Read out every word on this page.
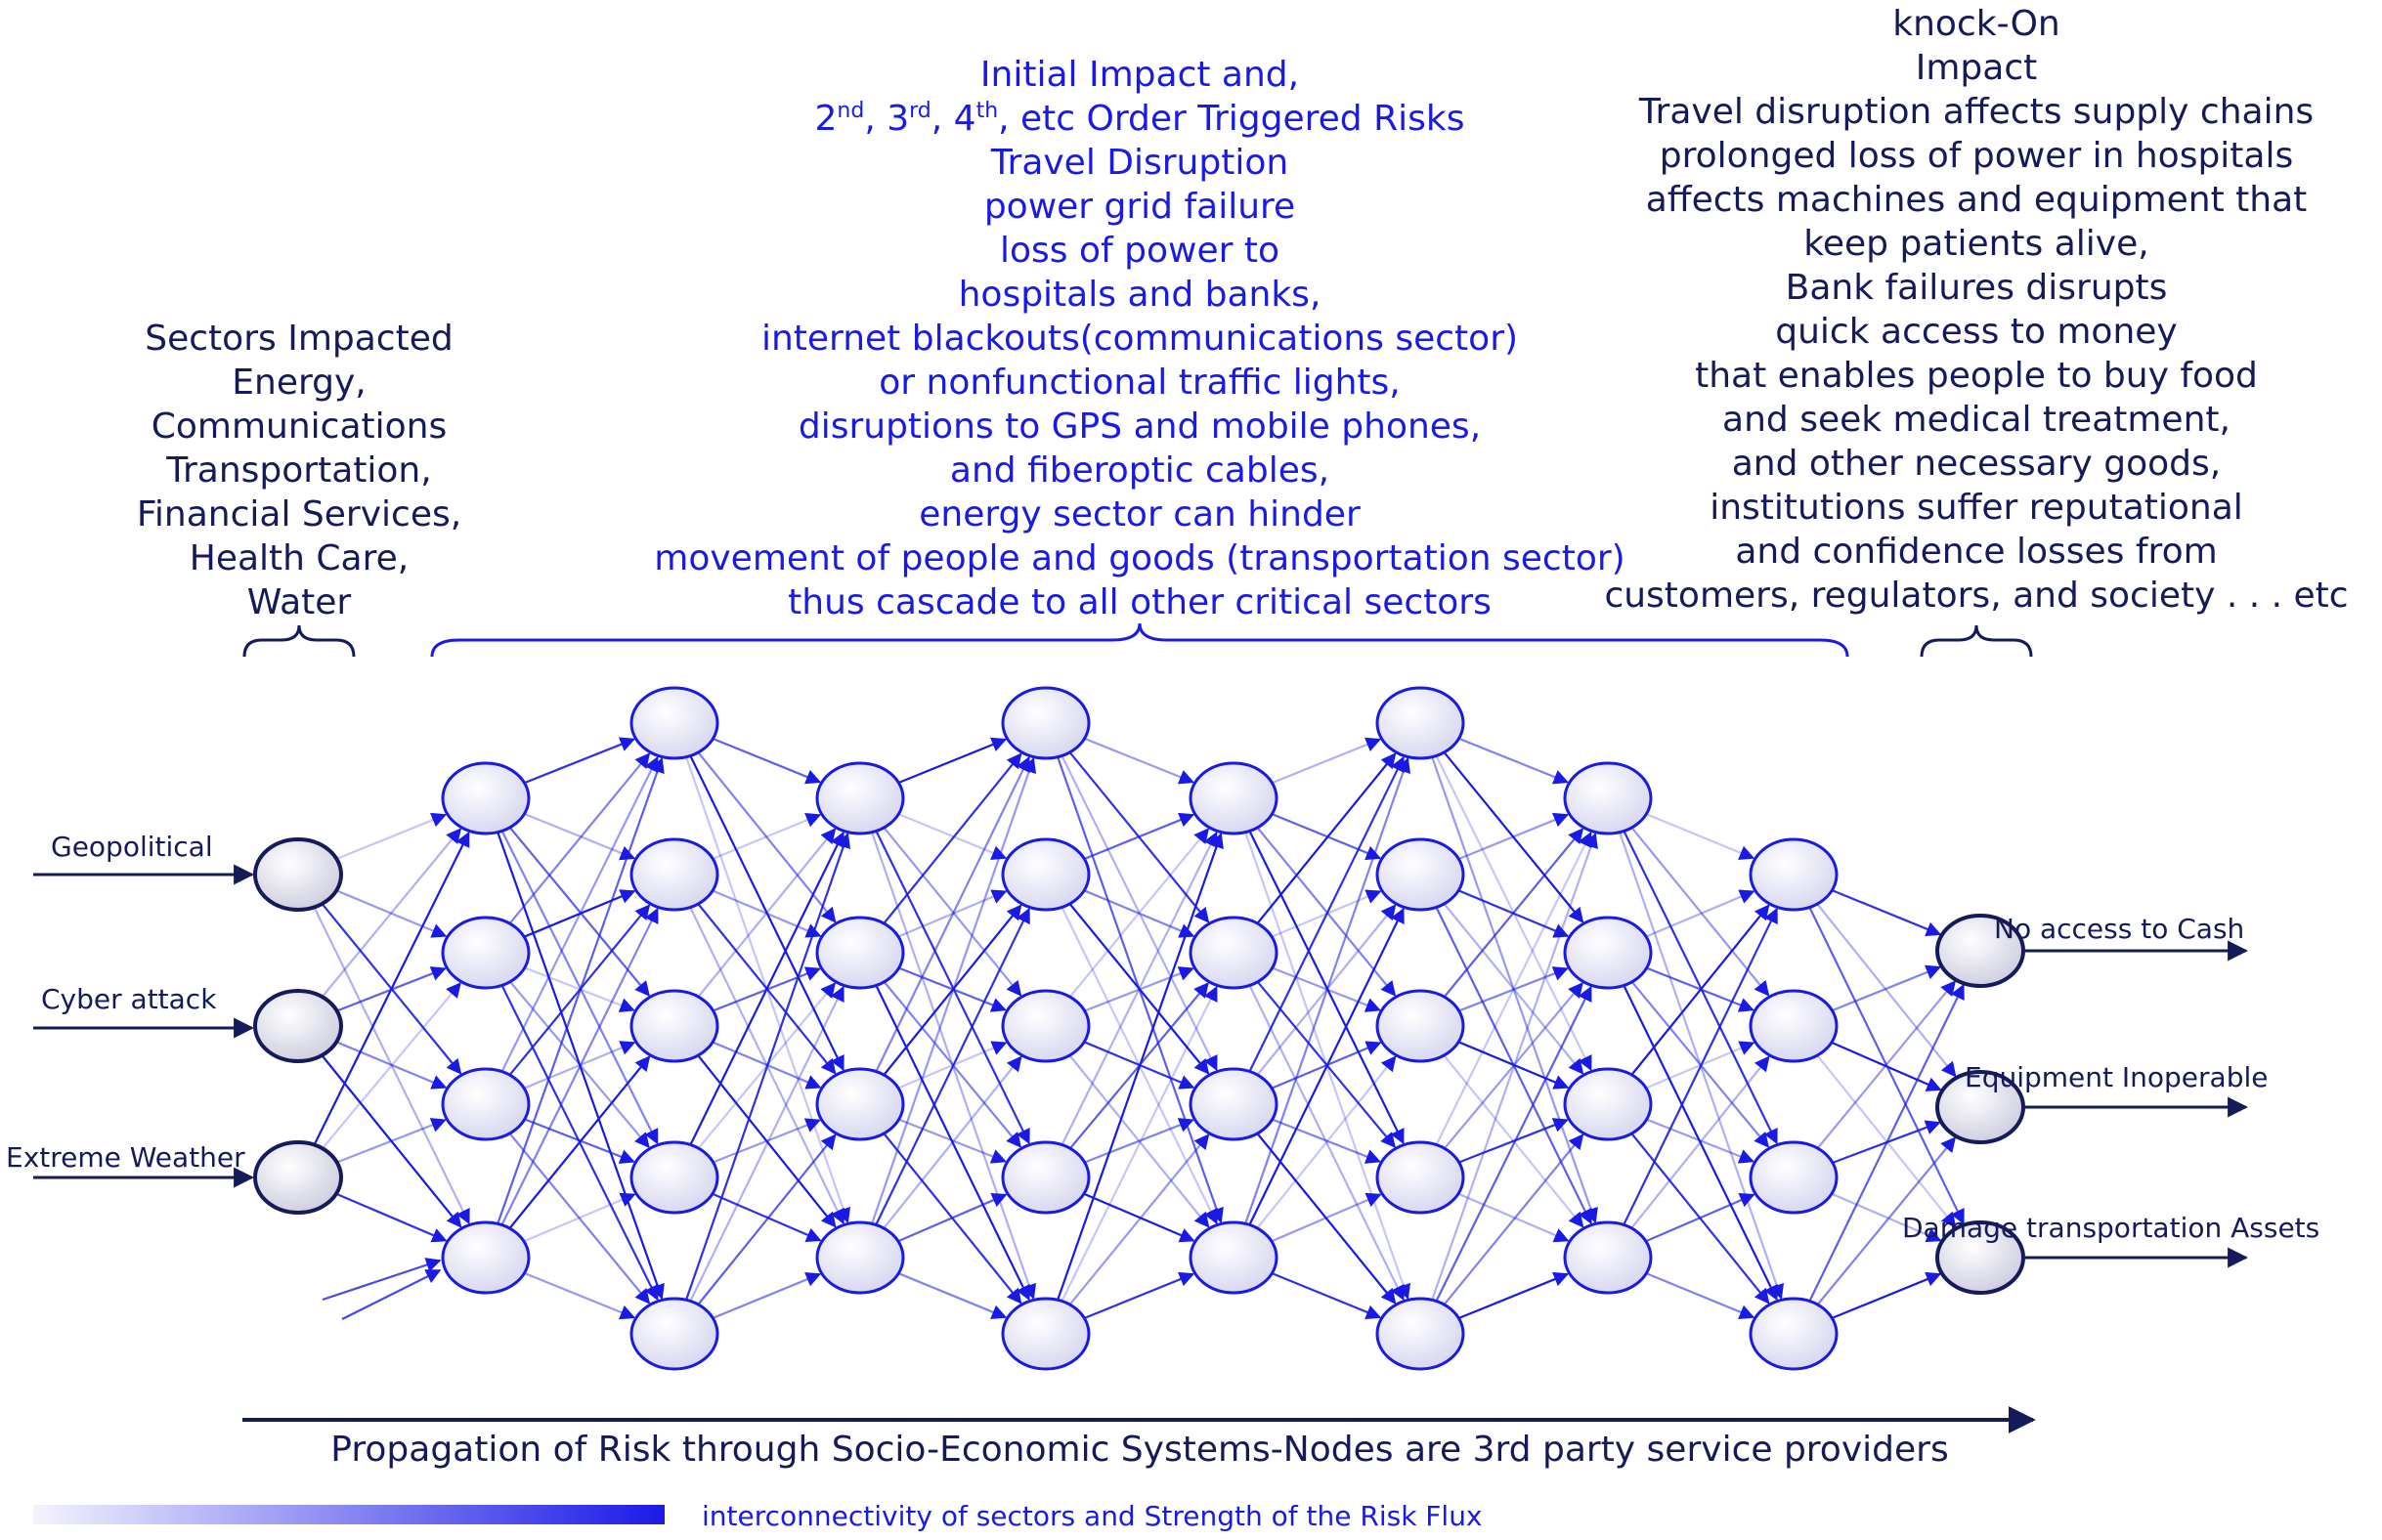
Sectors Impacted
Energy,
Communications
Transportation,
Financial Services,
Health Care,
Water
Initial Impact and,
2nd, 3rd, 4th, etc Order Triggered Risks
Travel Disruption
power grid failure
loss of power to
hospitals and banks,
internet blackouts(communications sector)
or nonfunctional traffic lights,
disruptions to GPS and mobile phones,
and fiberoptic cables,
energy sector can hinder
movement of people and goods (transportation sector)
thus cascade to all other critical sectors
knock-On
Impact
Travel disruption affects supply chains
prolonged loss of power in hospitals
affects machines and equipment that
keep patients alive,
Bank failures disrupts
quick access to money
that enables people to buy food
and seek medical treatment,
and other necessary goods,
institutions suffer reputational
and confidence losses from
customers, regulators, and society . . . etc
Geopolitical
Cyber attack
Extreme Weather
No access to Cash
Equipment Inoperable
Damage transportation Assets
Propagation of Risk through Socio-Economic Systems-Nodes are 3rd party service providers
interconnectivity of sectors and Strength of the Risk Flux
